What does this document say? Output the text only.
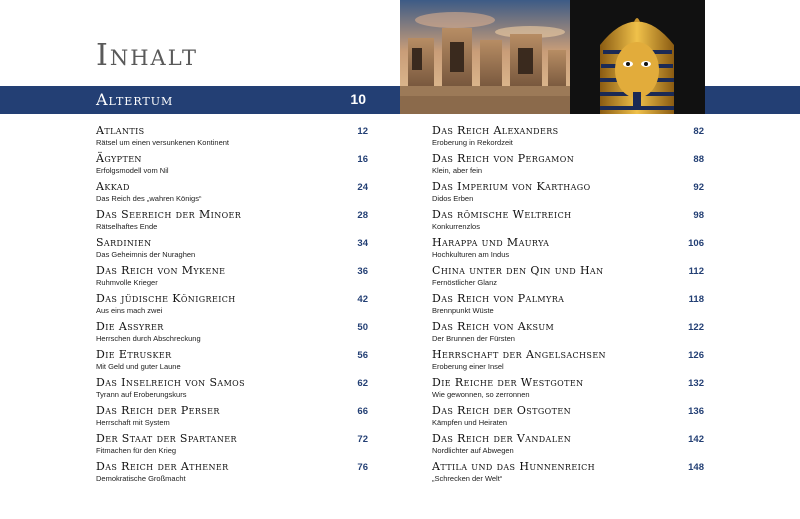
Inhalt
Altertum	10
Atlantis
Rätsel um einen versunkenen Kontinent
12
Ägypten
Erfolgsmodell vom Nil
16
Akkad
Das Reich des „wahren Königs“
24
Das Seereich der Minoer
Rätselhaftes Ende
28
Sardinien
Das Geheimnis der Nuraghen
34
Das Reich von Mykene
Ruhmvolle Krieger
36
Das jüdische Königreich
Aus eins mach zwei
42
Die Assyrer
Herrschen durch Abschreckung
50
Die Etrusker
Mit Geld und guter Laune
56
Das Inselreich von Samos
Tyrann auf Eroberungskurs
62
Das Reich der Perser
Herrschaft mit System
66
Der Staat der Spartaner
Fitmachen für den Krieg
72
Das Reich der Athener
Demokratische Großmacht
76
Das Reich Alexanders
Eroberung in Rekordzeit
82
Das Reich von Pergamon
Klein, aber fein
88
Das Imperium von Karthago
Didos Erben
92
Das römische Weltreich
Konkurrenzlos
98
Harappa und Maurya
Hochkulturen am Indus
106
China unter den Qin und Han
Fernöstlicher Glanz
112
Das Reich von Palmyra
Brennpunkt Wüste
118
Das Reich von Aksum
Der Brunnen der Fürsten
122
Herrschaft der Angelsachsen
Eroberung einer Insel
126
Die Reiche der Westgoten
Wie gewonnen, so zerronnen
132
Das Reich der Ostgoten
Kämpfen und Heiraten
136
Das Reich der Vandalen
Nordlichter auf Abwegen
142
Attila und das Hunnenreich
„Schrecken der Welt“
148
